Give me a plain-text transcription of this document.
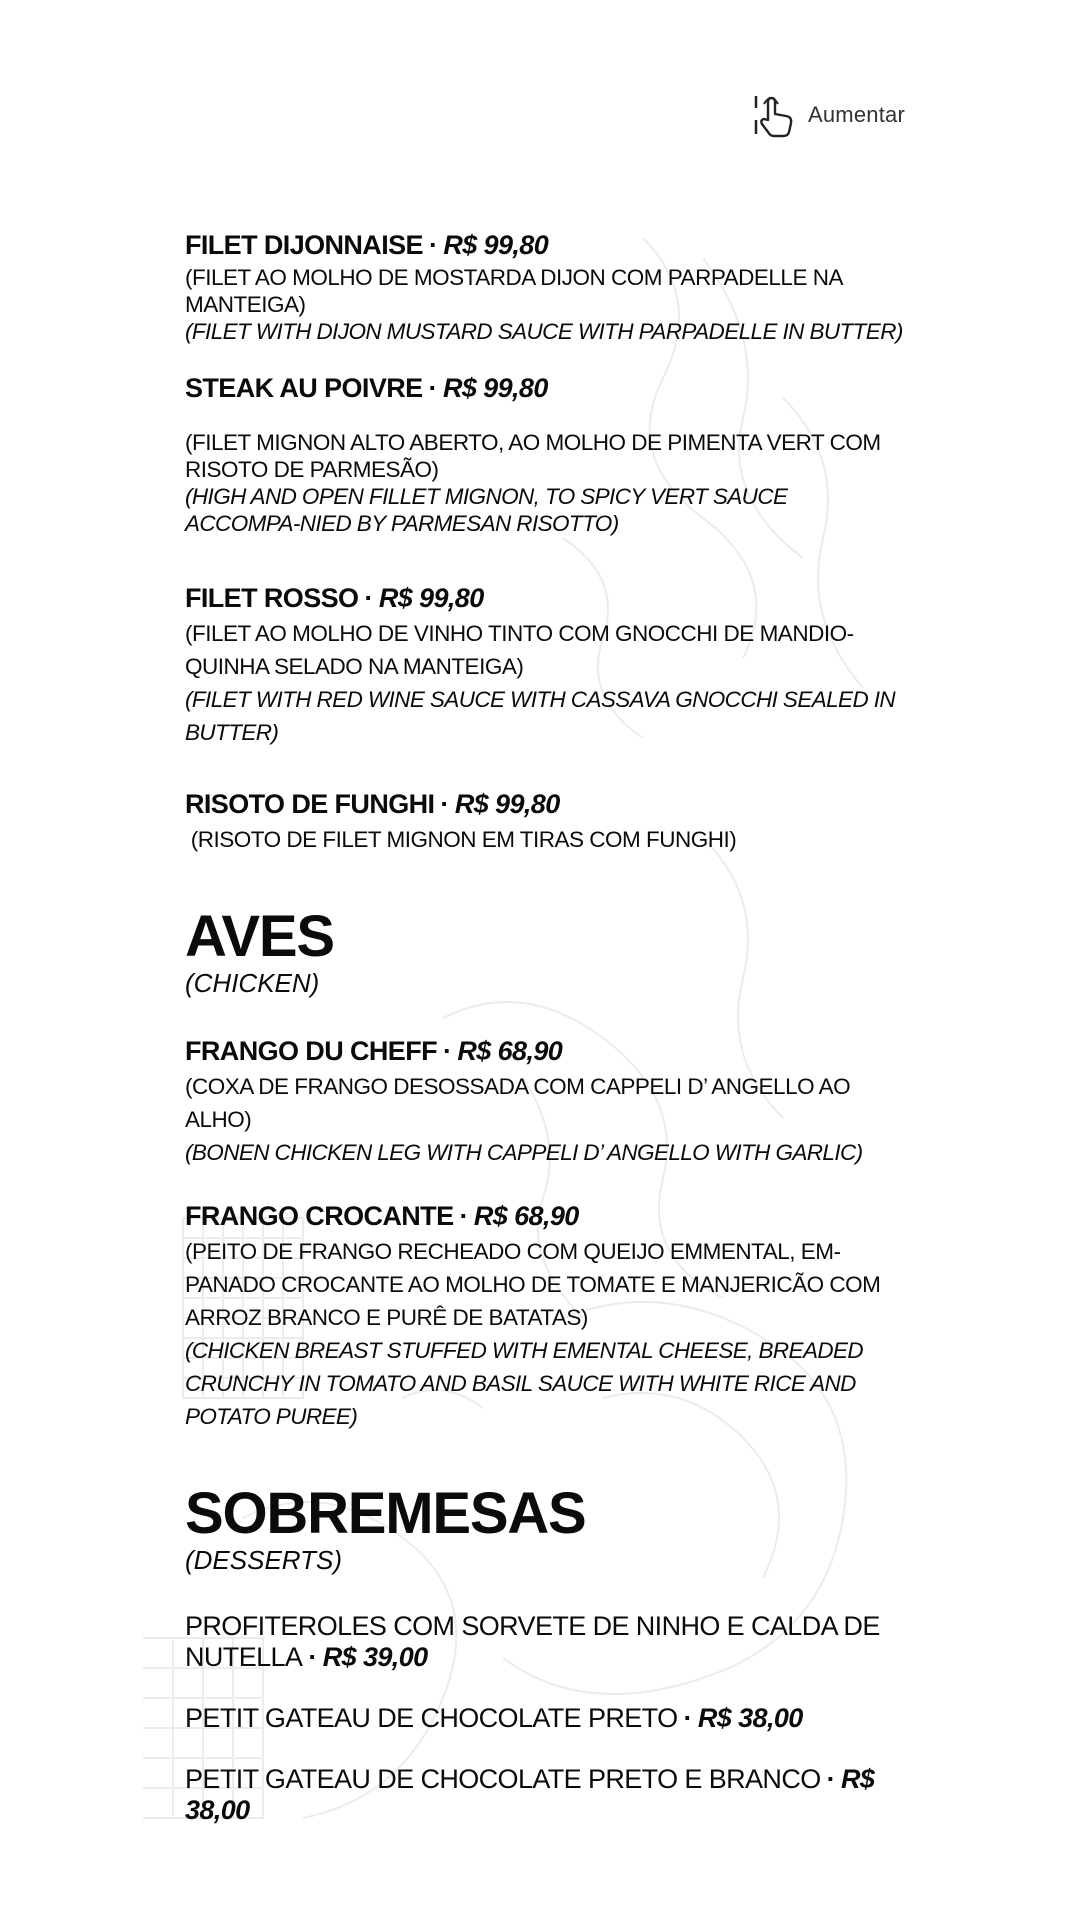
Aumentar
FILET DIJONNAISE · R$ 99,80

(FILET AO MOLHO DE MOSTARDA DIJON COM PARPADELLE NA MANTEIGA)

(FILET WITH DIJON MUSTARD SAUCE WITH PARPADELLE IN BUTTER)

STEAK AU POIVRE · R$ 99,80

(FILET MIGNON ALTO ABERTO, AO MOLHO DE PIMENTA VERT COM RISOTO DE PARMESÃO)

(HIGH AND OPEN FILLET MIGNON, TO SPICY VERT SAUCE ACCOMPA-NIED BY PARMESAN RISOTTO)

FILET ROSSO · R$ 99,80

(FILET AO MOLHO DE VINHO TINTO COM GNOCCHI DE MANDIO-QUINHA SELADO NA MANTEIGA)

(FILET WITH RED WINE SAUCE WITH CASSAVA GNOCCHI SEALED IN BUTTER)

RISOTO DE FUNGHI · R$ 99,80

(RISOTO DE FILET MIGNON EM TIRAS COM FUNGHI)

AVES

(CHICKEN)

FRANGO DU CHEFF · R$ 68,90

(COXA DE FRANGO DESOSSADA COM CAPPELI D’ ANGELLO AO ALHO)

(BONEN CHICKEN LEG WITH CAPPELI D’ ANGELLO WITH GARLIC)

FRANGO CROCANTE · R$ 68,90

(PEITO DE FRANGO RECHEADO COM QUEIJO EMMENTAL, EM-PANADO CROCANTE AO MOLHO DE TOMATE E MANJERICÃO COM ARROZ BRANCO E PURÊ DE BATATAS)

(CHICKEN BREAST STUFFED WITH EMENTAL CHEESE, BREADED CRUNCHY IN TOMATO AND BASIL SAUCE WITH WHITE RICE AND POTATO PUREE)

SOBREMESAS

(DESSERTS)

PROFITEROLES COM SORVETE DE NINHO E CALDA DE NUTELLA · R$ 39,00
PETIT GATEAU DE CHOCOLATE PRETO · R$ 38,00
PETIT GATEAU DE CHOCOLATE PRETO E BRANCO · R$ 38,00
